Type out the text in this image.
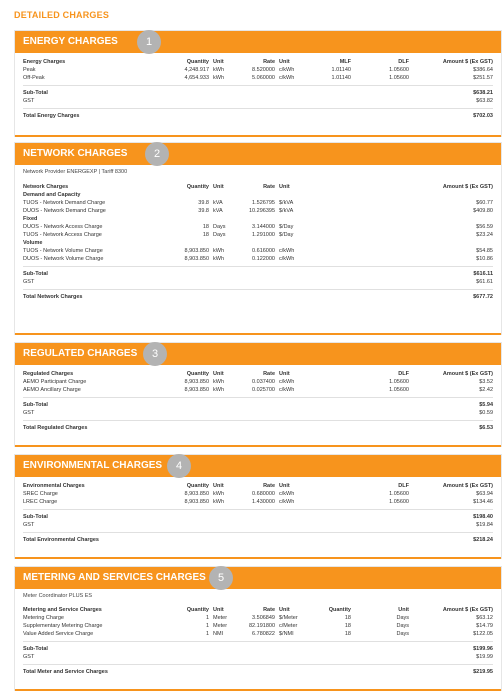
DETAILED CHARGES
ENERGY CHARGES	1
Energy Charges	Quantity Unit	Rate Unit	MLF	DLF	Amount $ (Ex GST)
Peak	4,248.917 kWh	8.520000 c/kWh	1.01140	1.05600	$386.64
Off-Peak	4,654.933 kWh	5.060000 c/kWh	1.01140	1.05600	$251.57
Sub-Total	$638.21
GST	$63.82
Total Energy Charges	$702.03
NETWORK CHARGES	2
Network Provider ENERGEXP | Tariff 8300
Network Charges	Quantity Unit	Rate Unit	Amount $ (Ex GST)
Demand and Capacity
TUOS - Network Demand Charge	39.8 kVA	1.526795 $/kVA	$60.77
DUOS - Network Demand Charge	39.8 kVA	10.296395 $/kVA	$409.80
Fixed
DUOS - Network Access Charge	18 Days	3.144000 $/Day	$56.59
TUOS - Network Access Charge	18 Days	1.291000 $/Day	$23.24
Volume
TUOS - Network Volume Charge	8,903.850 kWh	0.616000 c/kWh	$54.85
DUOS - Network Volume Charge	8,903.850 kWh	0.122000 c/kWh	$10.86
Sub-Total	$616.11
GST	$61.61
Total Network Charges	$677.72
REGULATED CHARGES	3
Regulated Charges	Quantity Unit	Rate Unit	DLF	Amount $ (Ex GST)
AEMO Participant Charge	8,903.850 kWh	0.037400 c/kWh	1.05600	$3.52
AEMO Ancillary Charge	8,903.850 kWh	0.025700 c/kWh	1.05600	$2.42
Sub-Total	$5.94
GST	$0.59
Total Regulated Charges	$6.53
ENVIRONMENTAL CHARGES	4
Environmental Charges	Quantity Unit	Rate Unit	DLF	Amount $ (Ex GST)
SREC Charge	8,903.850 kWh	0.680000 c/kWh	1.05600	$63.94
LREC Charge	8,903.850 kWh	1.430000 c/kWh	1.05600	$134.46
Sub-Total	$198.40
GST	$19.84
Total Environmental Charges	$218.24
METERING AND SERVICES CHARGES	5
Meter Coordinator PLUS ES
Metering and Service Charges	Quantity Unit	Rate Unit	Quantity	Unit	Amount $ (Ex GST)
Metering Charge	1 Meter	3.506849 $/Meter	18	Days	$63.12
Supplementary Metering Charge	1 Meter	82.191800 c/Meter	18	Days	$14.79
Value Added Service Charge	1 NMI	6.780822 $/NMI	18	Days	$122.05
Sub-Total	$199.96
GST	$19.99
Total Meter and Service Charges	$219.95
